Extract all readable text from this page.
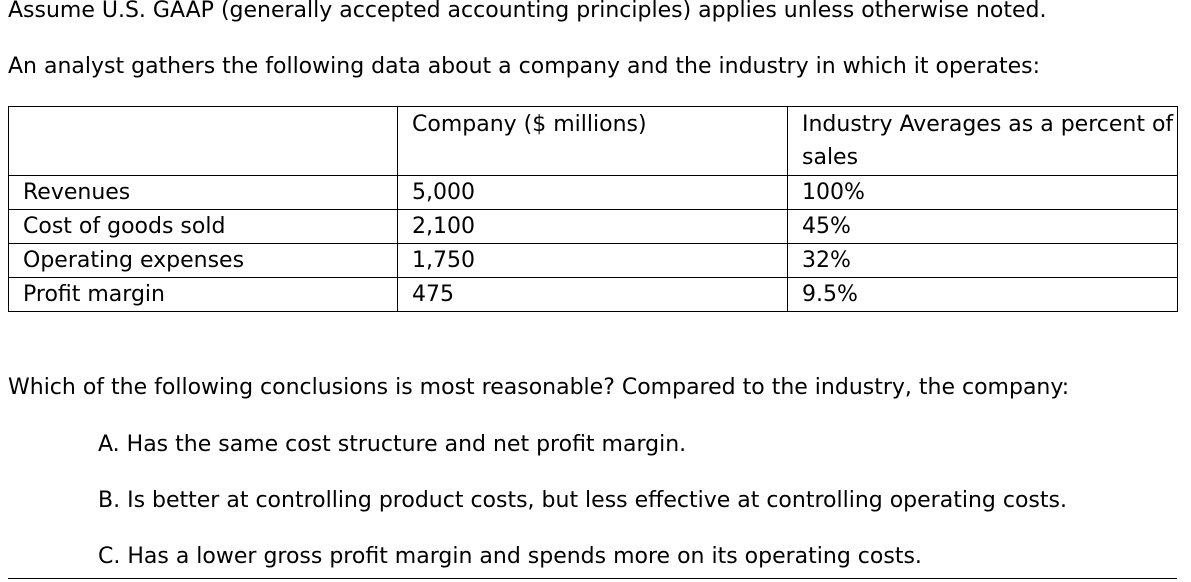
Assume U.S. GAAP (generally accepted accounting principles) applies unless otherwise noted.

An analyst gathers the following data about a company and the industry in which it operates:

	Company ($ millions)	Industry Averages as a percent of sales

Revenues	5,000	100%
Cost of goods sold	2,100	45%
Operating expenses	1,750	32%
Profit margin	475	9.5%

Which of the following conclusions is most reasonable? Compared to the industry, the company:

A. Has the same cost structure and net profit margin.

B. Is better at controlling product costs, but less effective at controlling operating costs.

C. Has a lower gross profit margin and spends more on its operating costs.
